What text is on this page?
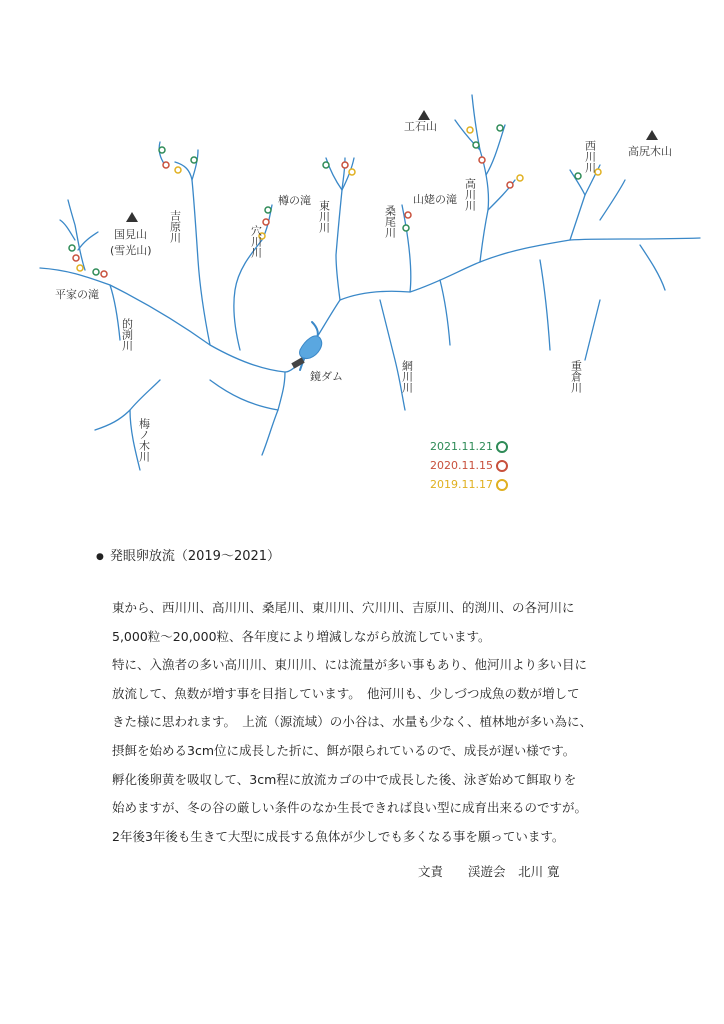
工石山
国見山
(雪光山)
高尻木山
西川川
高川川
桑尾川
東川川
穴川川
吉原川
的渕川
梅ノ木川
網川川	重倉川
平家の滝
樽の滝	山姥の滝
鏡ダム
2021.11.21
2020.11.15
2019.11.17
● 発眼卵放流（2019～2021）
東から、西川川、高川川、桑尾川、東川川、穴川川、吉原川、的渕川、の各河川に
5,000粒～20,000粒、各年度により増減しながら放流しています。
特に、入漁者の多い高川川、東川川、には流量が多い事もあり、他河川より多い目に
放流して、魚数が増す事を目指しています。　他河川も、少しづつ成魚の数が増して
きた様に思われます。　上流（源流域）の小谷は、水量も少なく、植林地が多い為に、
摂餌を始める3cm位に成長した折に、餌が限られているので、成長が遅い様です。
孵化後卵黄を吸収して、3cm程に放流カゴの中で成長した後、泳ぎ始めて餌取りを
始めますが、冬の谷の厳しい条件のなか生長できれば良い型に成育出来るのですが。
2年後3年後も生きて大型に成長する魚体が少しでも多くなる事を願っています。
文責　　 渓遊会　 北川 寛
